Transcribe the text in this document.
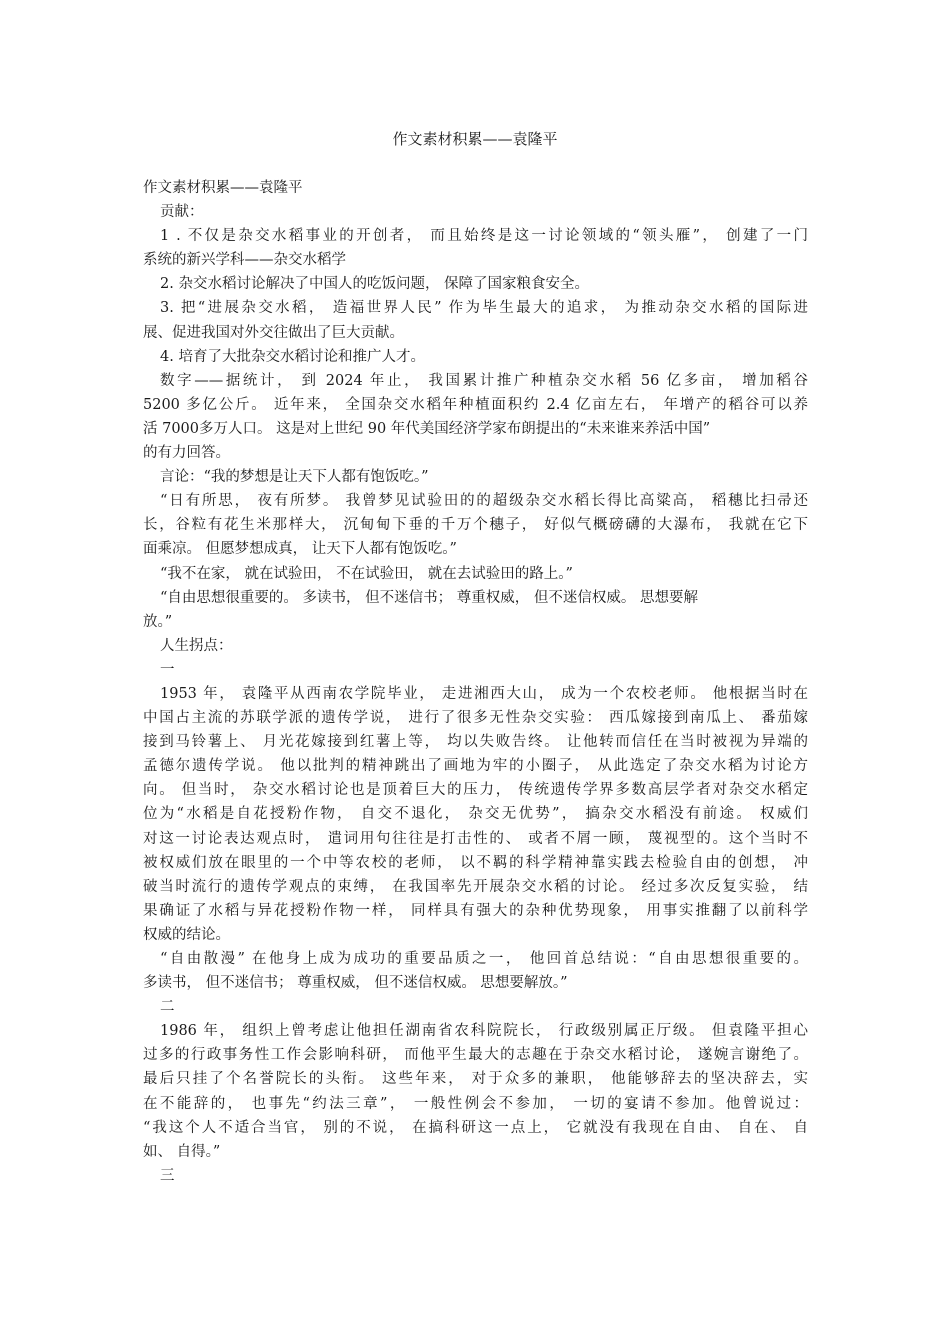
作文素材积累——袁隆平
作文素材积累——袁隆平
贡献：
1 . 不仅是杂交水稻事业的开创者， 而且始终是这一讨论领域的“领头雁”， 创建了一门
系统的新兴学科——杂交水稻学
2. 杂交水稻讨论解决了中国人的吃饭问题， 保障了国家粮食安全。
3. 把“进展杂交水稻， 造福世界人民” 作为毕生最大的追求， 为推动杂交水稻的国际进
展、促进我国对外交往做出了巨大贡献。
4. 培育了大批杂交水稻讨论和推广人才。
数字——据统计， 到 2024 年止， 我国累计推广种植杂交水稻 56 亿多亩， 增加稻谷
5200 多亿公斤。 近年来， 全国杂交水稻年种植面积约 2.4 亿亩左右， 年增产的稻谷可以养
活 7000多万人口。 这是对上世纪 90 年代美国经济学家布朗提出的“未来谁来养活中国”
的有力回答。
言论：“我的梦想是让天下人都有饱饭吃。”
“日有所思， 夜有所梦。 我曾梦见试验田的的超级杂交水稻长得比高粱高， 稻穗比扫帚还
长，谷粒有花生米那样大， 沉甸甸下垂的千万个穗子， 好似气概磅礴的大瀑布， 我就在它下
面乘凉。 但愿梦想成真， 让天下人都有饱饭吃。”
“我不在家， 就在试验田， 不在试验田， 就在去试验田的路上。”
“自由思想很重要的。 多读书， 但不迷信书； 尊重权威， 但不迷信权威。 思想要解
放。”
人生拐点：
一
1953 年， 袁隆平从西南农学院毕业， 走进湘西大山， 成为一个农校老师。 他根据当时在
中国占主流的苏联学派的遗传学说， 进行了很多无性杂交实验： 西瓜嫁接到南瓜上、 番茄嫁
接到马铃薯上、 月光花嫁接到红薯上等， 均以失败告终。 让他转而信任在当时被视为异端的
孟德尔遗传学说。 他以批判的精神跳出了画地为牢的小圈子， 从此选定了杂交水稻为讨论方
向。 但当时， 杂交水稻讨论也是顶着巨大的压力， 传统遗传学界多数高层学者对杂交水稻定
位为“水稻是自花授粉作物， 自交不退化， 杂交无优势”， 搞杂交水稻没有前途。 权威们
对这一讨论表达观点时， 遣词用句往往是打击性的、 或者不屑一顾， 蔑视型的。这个当时不
被权威们放在眼里的一个中等农校的老师， 以不羁的科学精神靠实践去检验自由的创想， 冲
破当时流行的遗传学观点的束缚， 在我国率先开展杂交水稻的讨论。 经过多次反复实验， 结
果确证了水稻与异花授粉作物一样， 同样具有强大的杂种优势现象， 用事实推翻了以前科学
权威的结论。
“自由散漫” 在他身上成为成功的重要品质之一， 他回首总结说：“自由思想很重要的。
多读书， 但不迷信书； 尊重权威， 但不迷信权威。 思想要解放。”
二
1986 年， 组织上曾考虑让他担任湖南省农科院院长， 行政级别属正厅级。 但袁隆平担心
过多的行政事务性工作会影响科研， 而他平生最大的志趣在于杂交水稻讨论， 遂婉言谢绝了。
最后只挂了个名誉院长的头衔。 这些年来， 对于众多的兼职， 他能够辞去的坚决辞去，实
在不能辞的， 也事先“约法三章”， 一般性例会不参加， 一切的宴请不参加。他曾说过：
“我这个人不适合当官， 别的不说， 在搞科研这一点上， 它就没有我现在自由、 自在、 自
如、 自得。”
三
